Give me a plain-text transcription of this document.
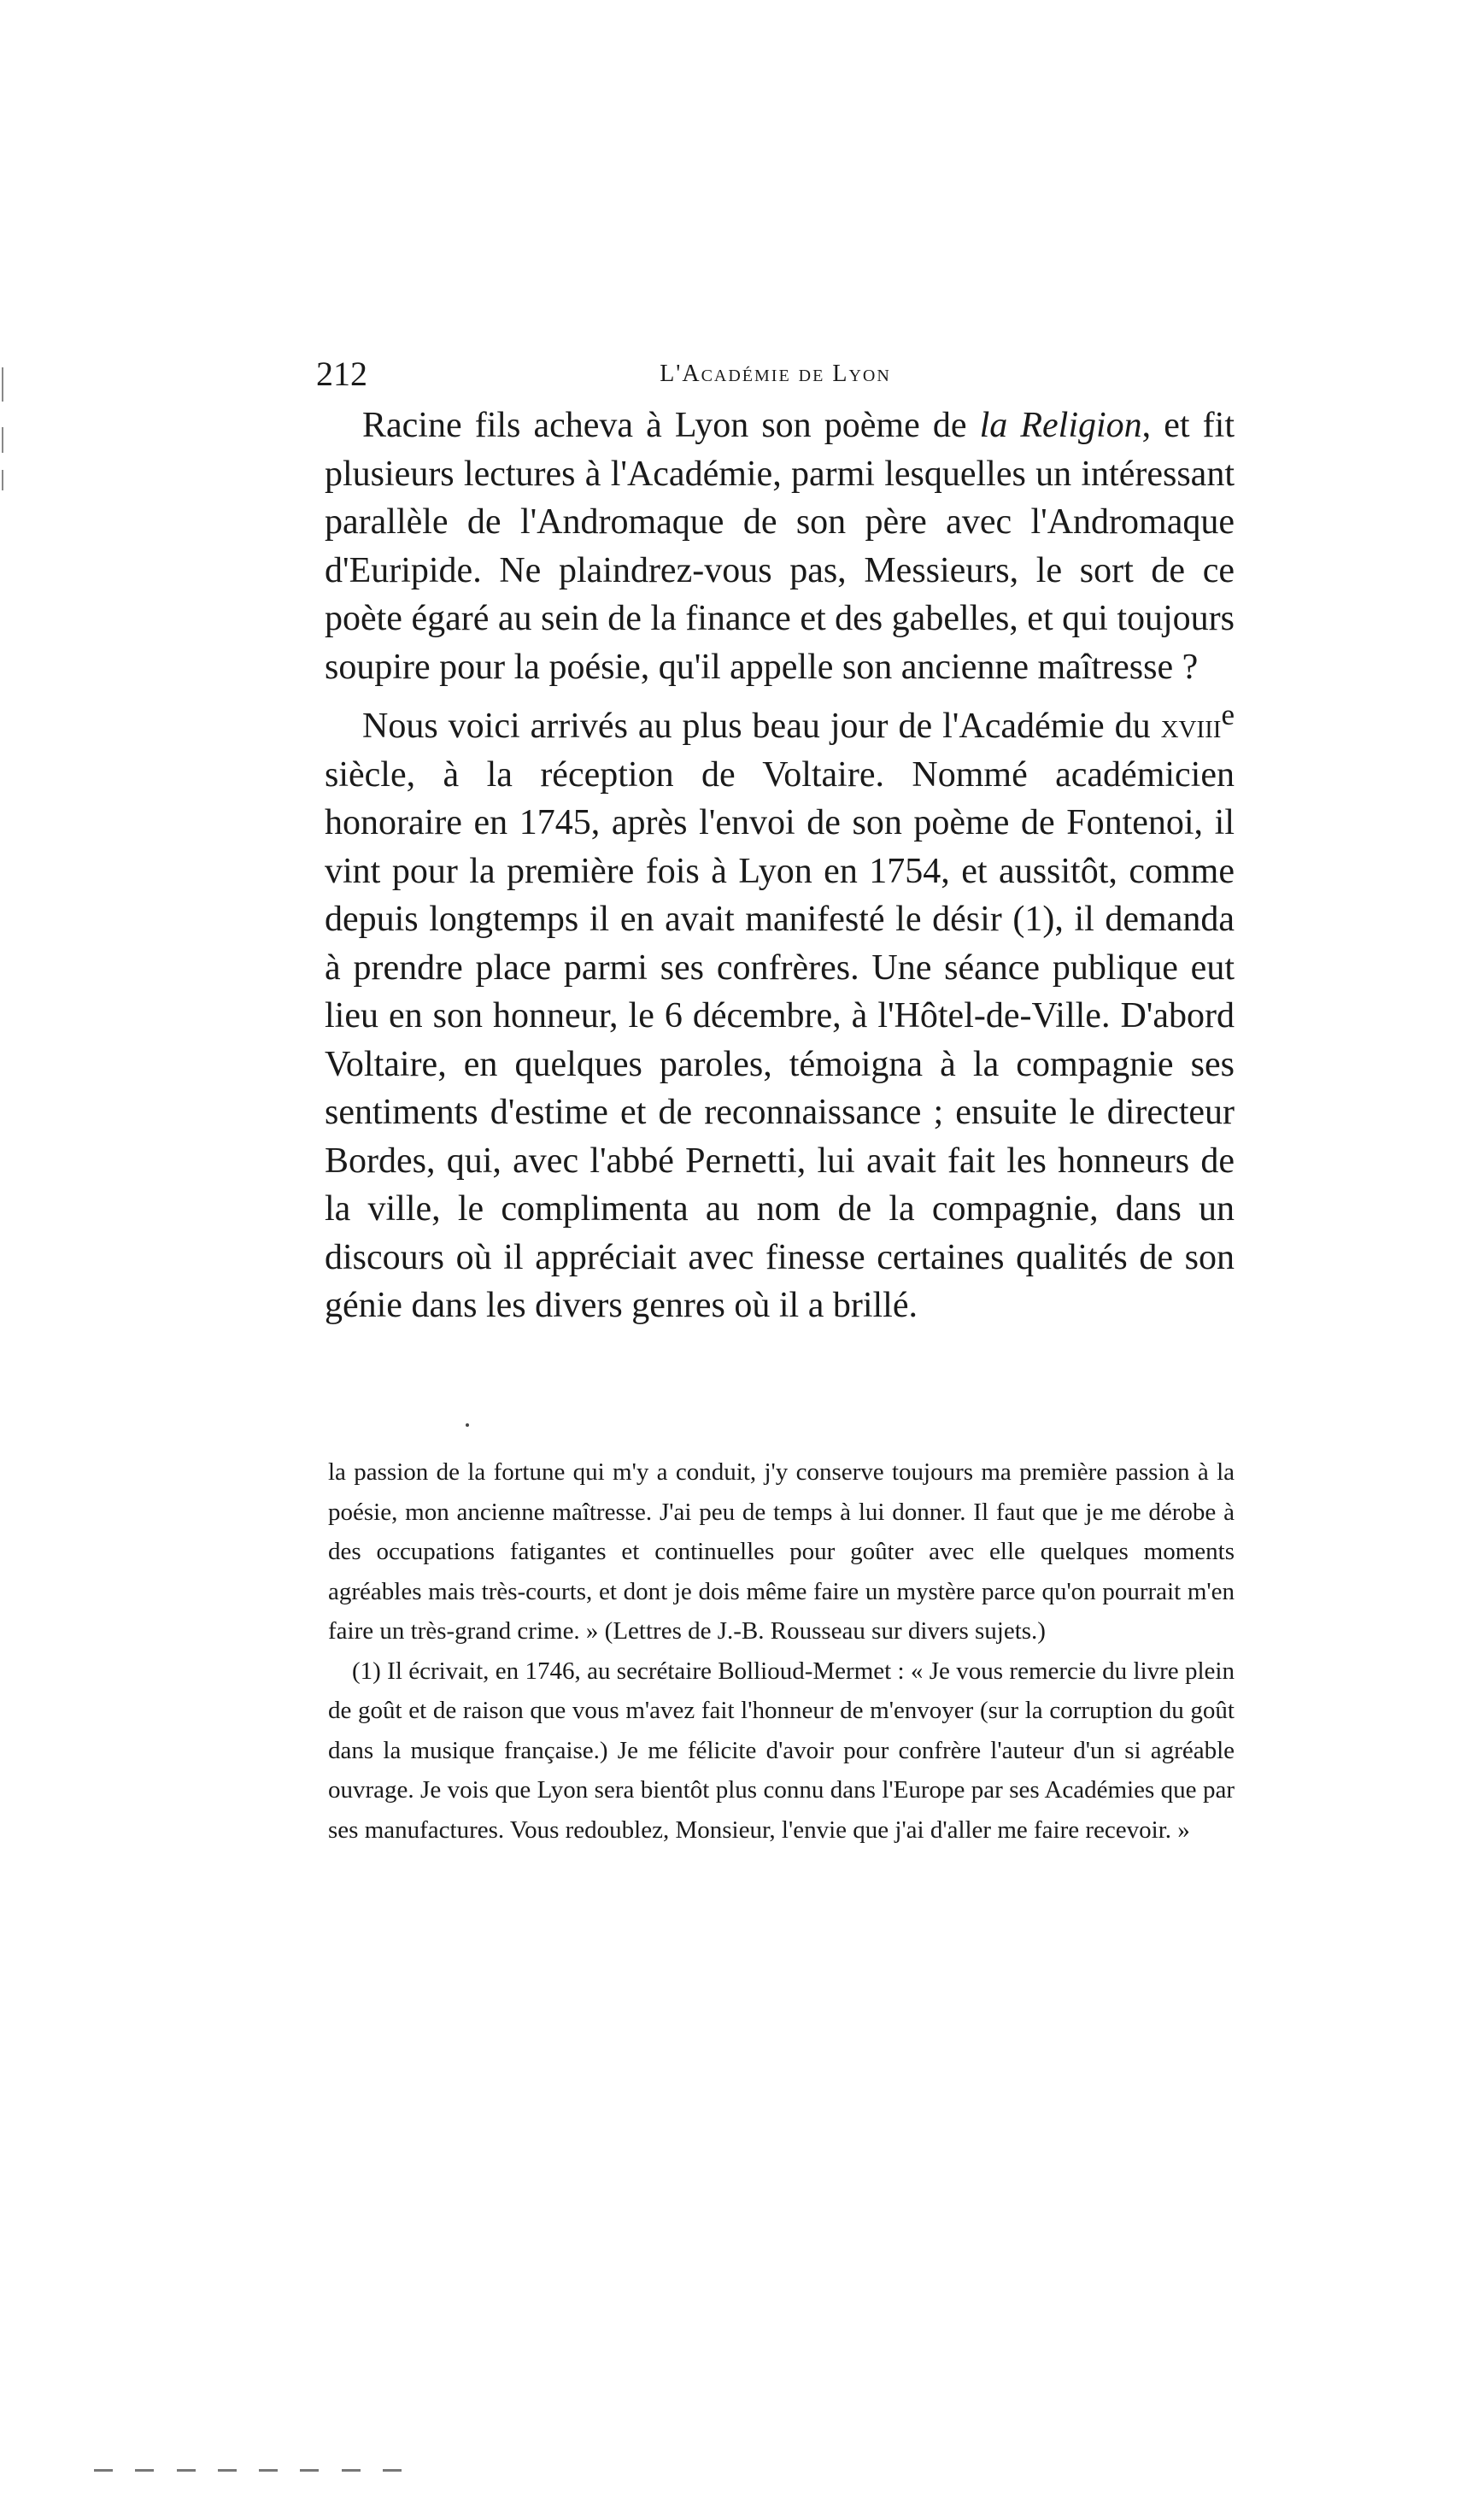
212	L'Académie de Lyon

Racine fils acheva à Lyon son poème de la Religion, et fit plusieurs lectures à l'Académie, parmi lesquelles un intéressant parallèle de l'Andromaque de son père avec l'Andromaque d'Euripide. Ne plaindrez-vous pas, Messieurs, le sort de ce poète égaré au sein de la finance et des gabelles, et qui toujours soupire pour la poésie, qu'il appelle son ancienne maîtresse ?

Nous voici arrivés au plus beau jour de l'Académie du xviii$^e$ siècle, à la réception de Voltaire. Nommé académicien honoraire en 1745, après l'envoi de son poème de Fontenoi, il vint pour la première fois à Lyon en 1754, et aussitôt, comme depuis longtemps il en avait manifesté le désir (1), il demanda à prendre place parmi ses confrères. Une séance publique eut lieu en son honneur, le 6 décembre, à l'Hôtel-de-Ville. D'abord Voltaire, en quelques paroles, témoigna à la compagnie ses sentiments d'estime et de reconnaissance ; ensuite le directeur Bordes, qui, avec l'abbé Pernetti, lui avait fait les honneurs de la ville, le complimenta au nom de la compagnie, dans un discours où il appréciait avec finesse certaines qualités de son génie dans les divers genres où il a brillé.

la passion de la fortune qui m'y a conduit, j'y conserve toujours ma première passion à la poésie, mon ancienne maîtresse. J'ai peu de temps à lui donner. Il faut que je me dérobe à des occupations fatigantes et continuelles pour goûter avec elle quelques moments agréables mais très-courts, et dont je dois même faire un mystère parce qu'on pourrait m'en faire un très-grand crime. » (Lettres de J.-B. Rousseau sur divers sujets.)

(1) Il écrivait, en 1746, au secrétaire Bollioud-Mermet : « Je vous remercie du livre plein de goût et de raison que vous m'avez fait l'honneur de m'envoyer (sur la corruption du goût dans la musique française.) Je me félicite d'avoir pour confrère l'auteur d'un si agréable ouvrage. Je vois que Lyon sera bientôt plus connu dans l'Europe par ses Académies que par ses manufactures. Vous redoublez, Monsieur, l'envie que j'ai d'aller me faire recevoir. »
